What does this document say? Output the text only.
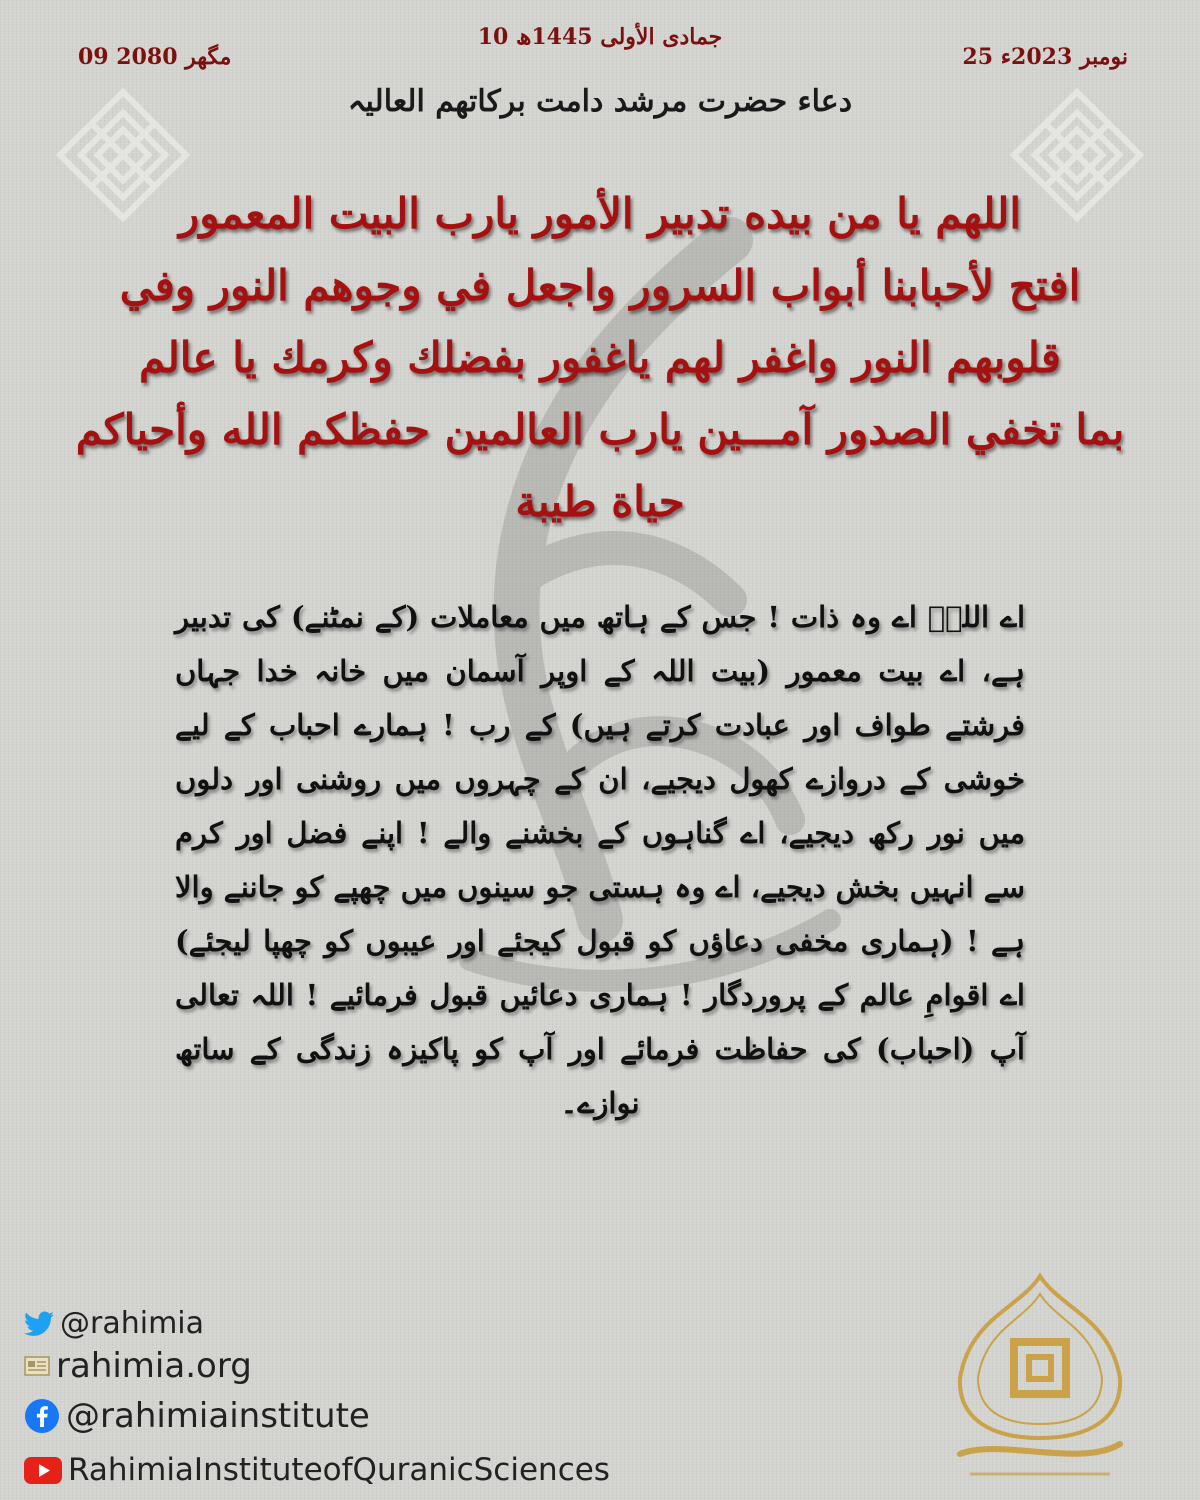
10 جمادی الأولی 1445ھ
25 نومبر 2023ء
09 مگھر 2080
دعاء حضرت مرشد دامت برکاتھم العالیہ
اللهم يا من بيده تدبير الأمور يارب البيت المعمور
افتح لأحبابنا أبواب السرور واجعل في وجوهم النور وفي
قلوبهم النور واغفر لهم ياغفور بفضلك وكرمك يا عالم
بما تخفي الصدور آمـــين يارب العالمين حفظكم الله وأحياكم
حياة طيبة
اے اللہؑ اے وہ ذات ! جس کے ہاتھ میں معاملات (کے نمٹنے) کی تدبیر ہے، اے بیت معمور (بیت اللہ کے اوپر آسمان میں خانہ خدا جہاں فرشتے طواف اور عبادت کرتے ہیں) کے رب ! ہمارے احباب کے لیے خوشی کے دروازے کھول دیجیے، ان کے چہروں میں روشنی اور دلوں میں نور رکھ دیجیے، اے گناہوں کے بخشنے والے ! اپنے فضل اور کرم سے انہیں بخش دیجیے، اے وہ ہستی جو سینوں میں چھپے کو جاننے والا ہے ! (ہماری مخفی دعاؤں کو قبول کیجئے اور عیبوں کو چھپا لیجئے) اے اقوامِ عالم کے پروردگار ! ہماری دعائیں قبول فرمائیے ! اللہ تعالی آپ (احباب) کی حفاظت فرمائے اور آپ کو پاکیزہ زندگی کے ساتھ نوازے۔
@rahimia
rahimia.org
@rahimiainstitute
RahimiaInstituteofQuranicSciences
